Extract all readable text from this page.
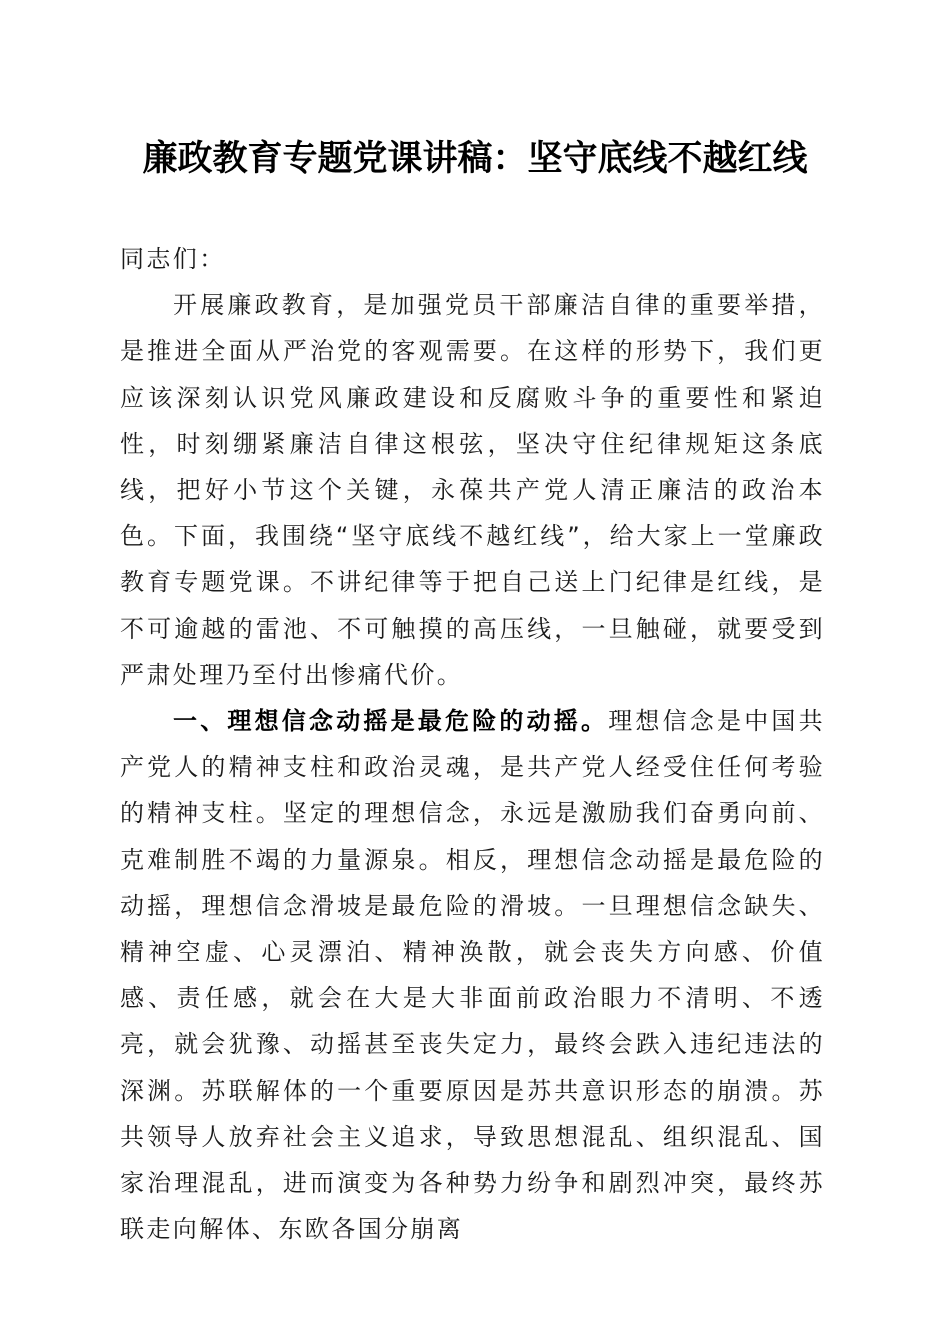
廉政教育专题党课讲稿：坚守底线不越红线

同志们：

开展廉政教育，是加强党员干部廉洁自律的重要举措，是推进全面从严治党的客观需要。在这样的形势下，我们更应该深刻认识党风廉政建设和反腐败斗争的重要性和紧迫性，时刻绷紧廉洁自律这根弦，坚决守住纪律规矩这条底线，把好小节这个关键，永葆共产党人清正廉洁的政治本色。下面，我围绕“坚守底线不越红线”，给大家上一堂廉政教育专题党课。不讲纪律等于把自己送上门纪律是红线，是不可逾越的雷池、不可触摸的高压线，一旦触碰，就要受到严肃处理乃至付出惨痛代价。

一、理想信念动摇是最危险的动摇。理想信念是中国共产党人的精神支柱和政治灵魂，是共产党人经受住任何考验的精神支柱。坚定的理想信念，永远是激励我们奋勇向前、克难制胜不竭的力量源泉。相反，理想信念动摇是最危险的动摇，理想信念滑坡是最危险的滑坡。一旦理想信念缺失、精神空虚、心灵漂泊、精神涣散，就会丧失方向感、价值感、责任感，就会在大是大非面前政治眼力不清明、不透亮，就会犹豫、动摇甚至丧失定力，最终会跌入违纪违法的深渊。苏联解体的一个重要原因是苏共意识形态的崩溃。苏共领导人放弃社会主义追求，导致思想混乱、组织混乱、国家治理混乱，进而演变为各种势力纷争和剧烈冲突，最终苏联走向解体、东欧各国分崩离
